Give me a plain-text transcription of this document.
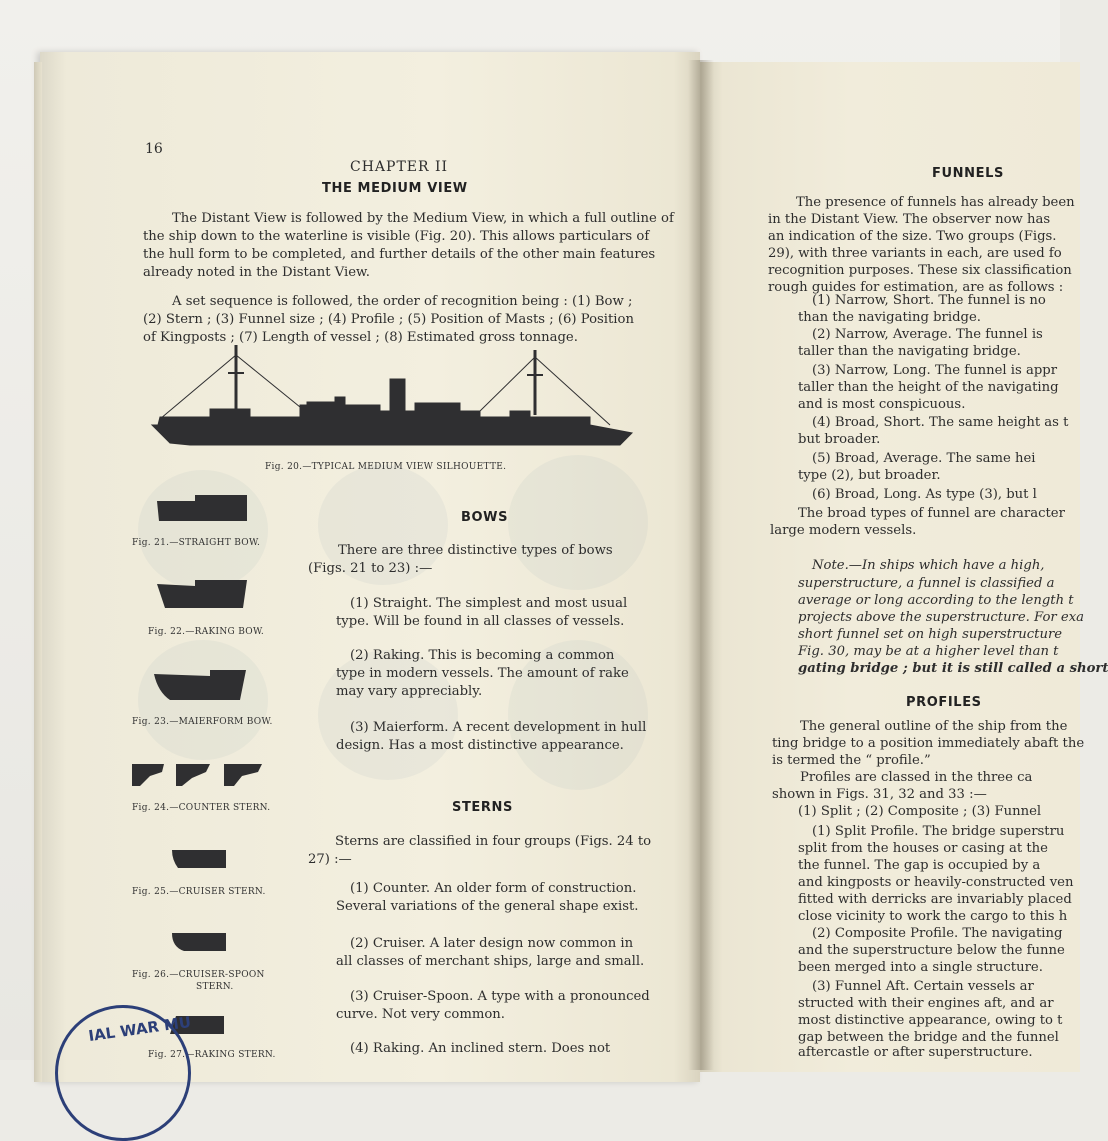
16
CHAPTER II
THE MEDIUM VIEW
The Distant View is followed by the Medium View, in which a full outline of
the ship down to the waterline is visible (Fig. 20). This allows particulars of
the hull form to be completed, and further details of the other main features
already noted in the Distant View.
A set sequence is followed, the order of recognition being : (1) Bow ;
(2) Stern ; (3) Funnel size ; (4) Profile ; (5) Position of Masts ; (6) Position
of Kingposts ; (7) Length of vessel ; (8) Estimated gross tonnage.
Fig. 20.—TYPICAL MEDIUM VIEW SILHOUETTE.
Fig. 21.—STRAIGHT BOW.
Fig. 22.—RAKING BOW.
Fig. 23.—MAIERFORM BOW.
Fig. 24.—COUNTER STERN.
Fig. 25.—CRUISER STERN.
Fig. 26.—CRUISER-SPOON
STERN.
Fig. 27.—RAKING STERN.
BOWS
There are three distinctive types of bows
(Figs. 21 to 23) :—
(1) Straight. The simplest and most usual
type. Will be found in all classes of vessels.
(2) Raking. This is becoming a common
type in modern vessels. The amount of rake
may vary appreciably.
(3) Maierform. A recent development in hull
design. Has a most distinctive appearance.
STERNS
Sterns are classified in four groups (Figs. 24 to
27) :—
(1) Counter. An older form of construction.
Several variations of the general shape exist.
(2) Cruiser. A later design now common in
all classes of merchant ships, large and small.
(3) Cruiser-Spoon. A type with a pronounced
curve. Not very common.
(4) Raking. An inclined stern. Does not
IAL WAR MU
FUNNELS
The presence of funnels has already been
in the Distant View. The observer now has
an indication of the size. Two groups (Figs.
29), with three variants in each, are used fo
recognition purposes. These six classification
rough guides for estimation, are as follows :
(1) Narrow, Short. The funnel is no
than the navigating bridge.
(2) Narrow, Average. The funnel is
taller than the navigating bridge.
(3) Narrow, Long. The funnel is appr
taller than the height of the navigating
and is most conspicuous.
(4) Broad, Short. The same height as t
but broader.
(5) Broad, Average. The same hei
type (2), but broader.
(6) Broad, Long. As type (3), but l
The broad types of funnel are character
large modern vessels.
Note.—In ships which have a high,
superstructure, a funnel is classified a
average or long according to the length t
projects above the superstructure. For exa
short funnel set on high superstructure
Fig. 30, may be at a higher level than t
gating bridge ; but it is still called a short
PROFILES
The general outline of the ship from the
ting bridge to a position immediately abaft the
is termed the “ profile.”
Profiles are classed in the three ca
shown in Figs. 31, 32 and 33 :—
(1) Split ; (2) Composite ; (3) Funnel
(1) Split Profile. The bridge superstru
split from the houses or casing at the
the funnel. The gap is occupied by a
and kingposts or heavily-constructed ven
fitted with derricks are invariably placed
close vicinity to work the cargo to this h
(2) Composite Profile. The navigating
and the superstructure below the funne
been merged into a single structure.
(3) Funnel Aft. Certain vessels ar
structed with their engines aft, and ar
most distinctive appearance, owing to t
gap between the bridge and the funnel
aftercastle or after superstructure.
